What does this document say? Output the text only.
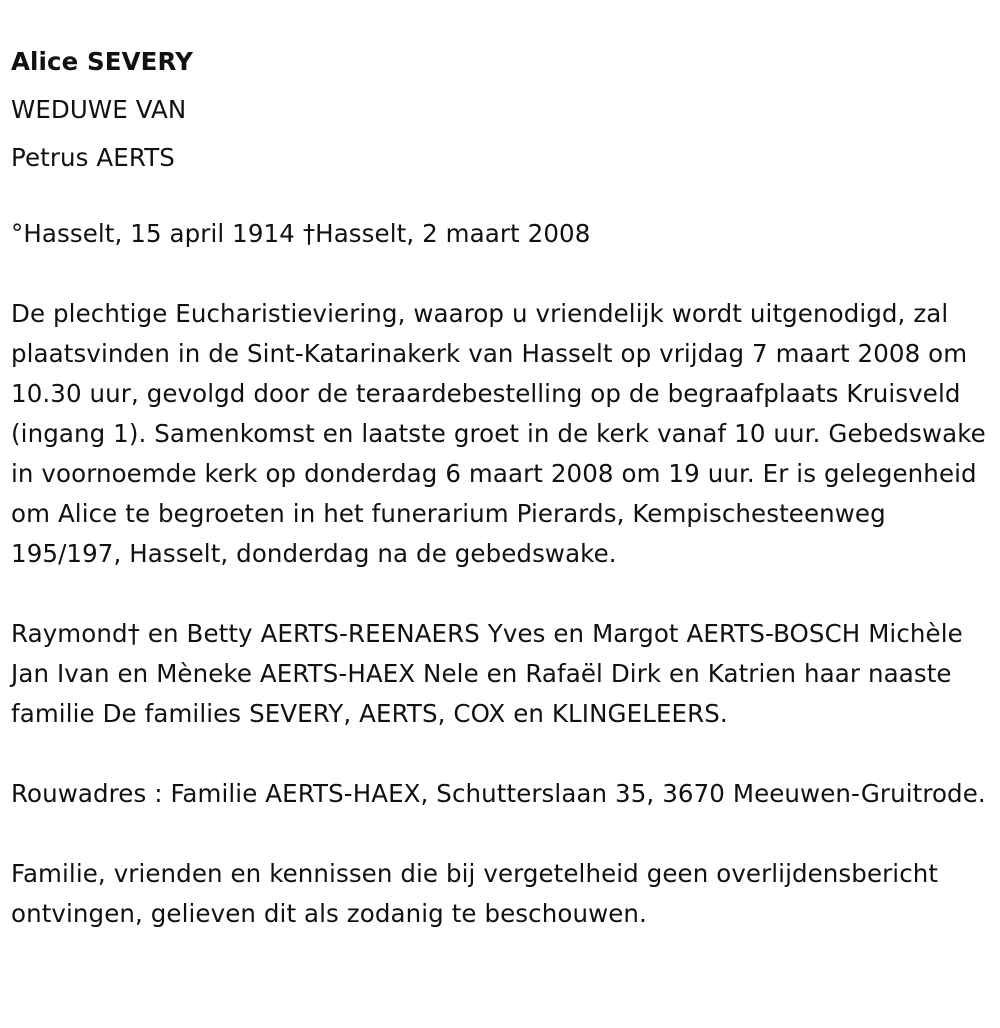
Alice SEVERY
WEDUWE VAN
Petrus AERTS
°Hasselt, 15 april 1914 †Hasselt, 2 maart 2008
De plechtige Eucharistieviering, waarop u vriendelijk wordt uitgenodigd, zal plaatsvinden in de Sint-Katarinakerk van Hasselt op vrijdag 7 maart 2008 om 10.30 uur, gevolgd door de teraardebestelling op de begraafplaats Kruisveld (ingang 1). Samenkomst en laatste groet in de kerk vanaf 10 uur. Gebedswake in voornoemde kerk op donderdag 6 maart 2008 om 19 uur. Er is gelegenheid om Alice te begroeten in het funerarium Pierards, Kempischesteenweg 195/197, Hasselt, donderdag na de gebedswake.
Raymond† en Betty AERTS-REENAERS Yves en Margot AERTS-BOSCH Michèle Jan Ivan en Mèneke AERTS-HAEX Nele en Rafaël Dirk en Katrien haar naaste familie De families SEVERY, AERTS, COX en KLINGELEERS.
Rouwadres : Familie AERTS-HAEX, Schutterslaan 35, 3670 Meeuwen-Gruitrode.
Familie, vrienden en kennissen die bij vergetelheid geen overlijdensbericht ontvingen, gelieven dit als zodanig te beschouwen.
